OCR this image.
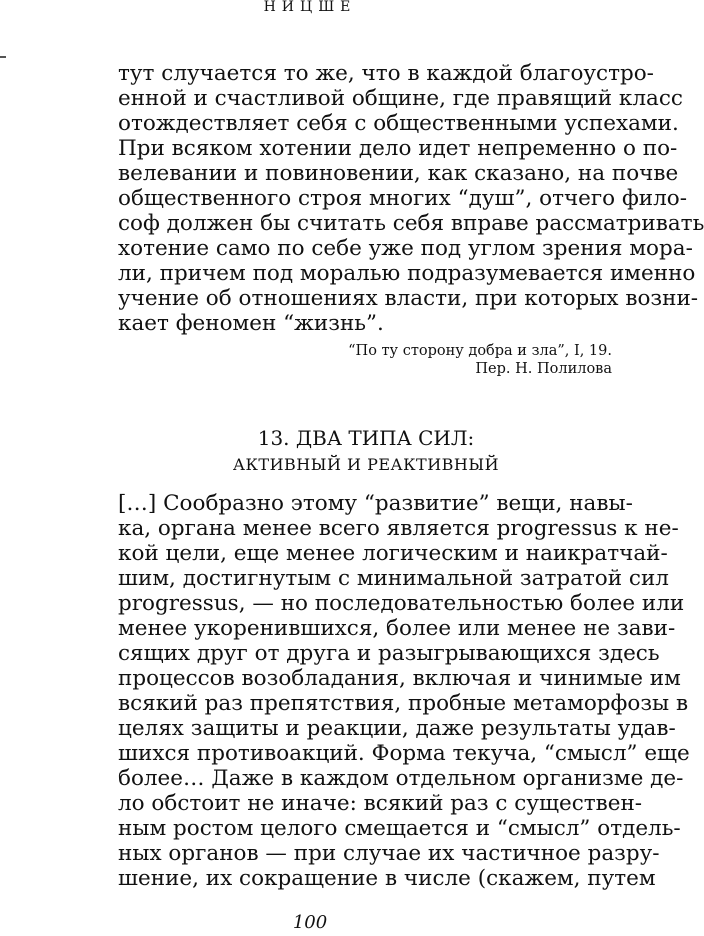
НИЦШЕ
тут случается то же, что в каждой благоустро-
енной и счастливой общине, где правящий класс
отождествляет себя с общественными успехами.
При всяком хотении дело идет непременно о по-
велевании и повиновении, как сказано, на почве
общественного строя многих “душ”, отчего фило-
соф должен бы считать себя вправе рассматривать
хотение само по себе уже под углом зрения мора-
ли, причем под моралью подразумевается именно
учение об отношениях власти, при которых возни-
кает феномен “жизнь”.
“По ту сторону добра и зла”, I, 19.
Пер. Н. Полилова
13. ДВА ТИПА СИЛ:
АКТИВНЫЙ И РЕАКТИВНЫЙ
[…] Сообразно этому “развитие” вещи, навы-
ка, органа менее всего является progressus к не-
кой цели, еще менее логическим и наикратчай-
шим, достигнутым с минимальной затратой сил
progressus, — но последовательностью более или
менее укоренившихся, более или менее не зави-
сящих друг от друга и разыгрывающихся здесь
процессов возобладания, включая и чинимые им
всякий раз препятствия, пробные метаморфозы в
целях защиты и реакции, даже результаты удав-
шихся противоакций. Форма текуча, “смысл” еще
более… Даже в каждом отдельном организме де-
ло обстоит не иначе: всякий раз с существен-
ным ростом целого смещается и “смысл” отдель-
ных органов — при случае их частичное разру-
шение, их сокращение в числе (скажем, путем
100
